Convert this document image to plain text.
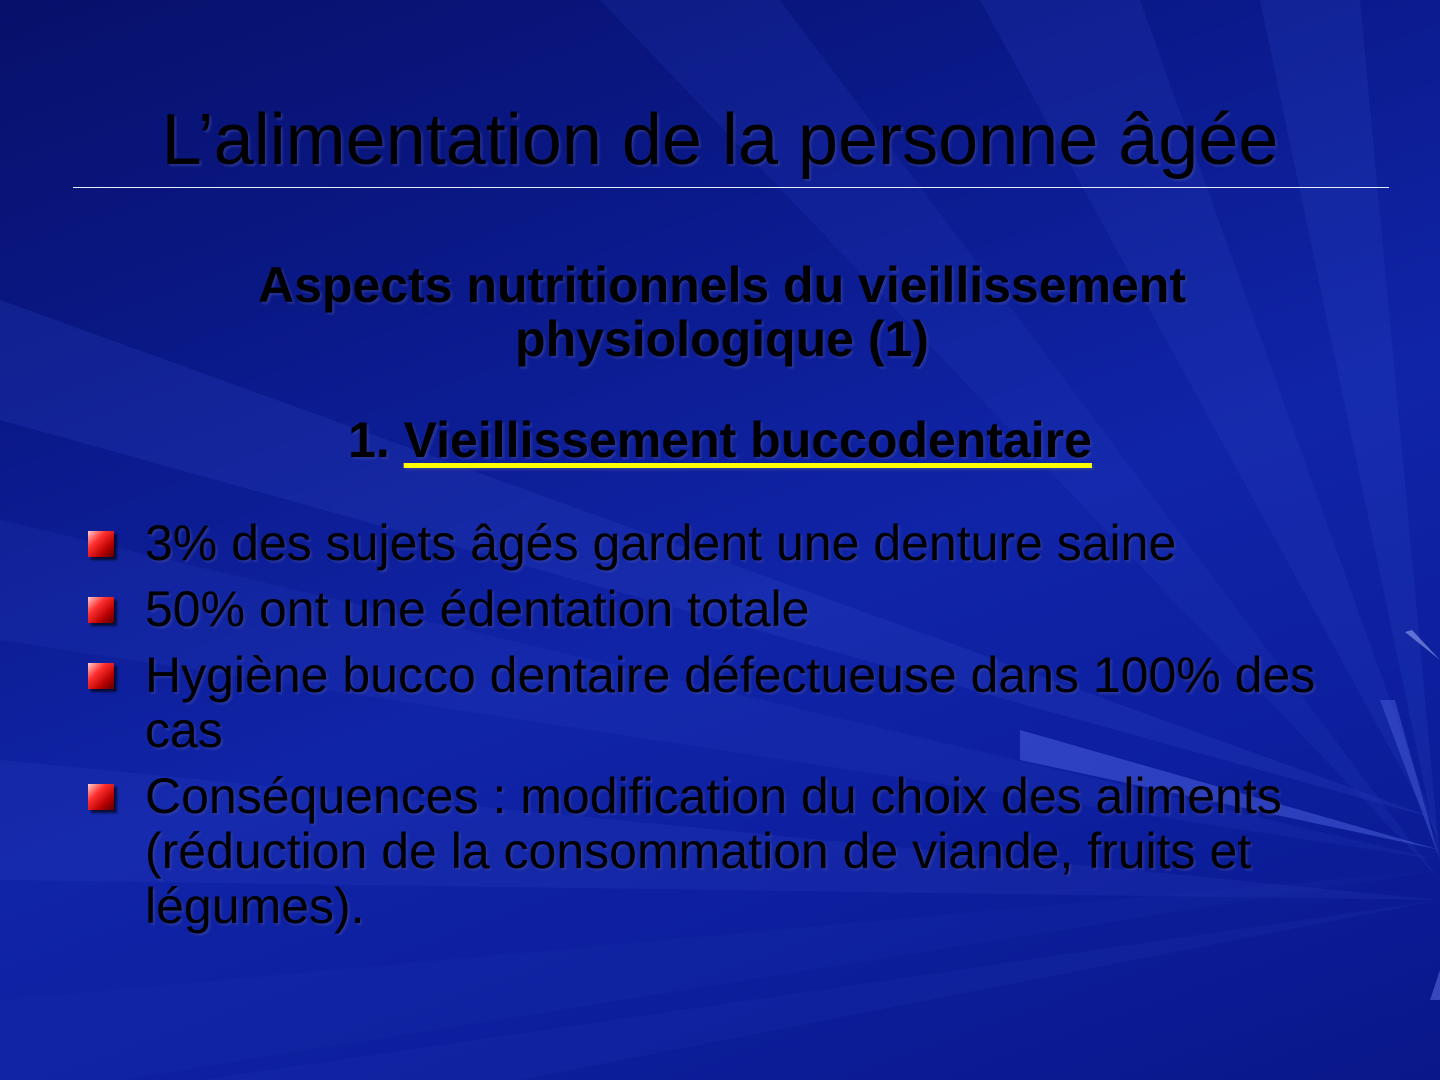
L’alimentation de la personne âgée
Aspects nutritionnels du vieillissement physiologique (1)
1. Vieillissement buccodentaire
3% des sujets âgés gardent une denture saine
50% ont une édentation totale
Hygiène bucco dentaire défectueuse dans 100% des cas
Conséquences : modification du choix des aliments (réduction de la consommation de viande, fruits et légumes).
